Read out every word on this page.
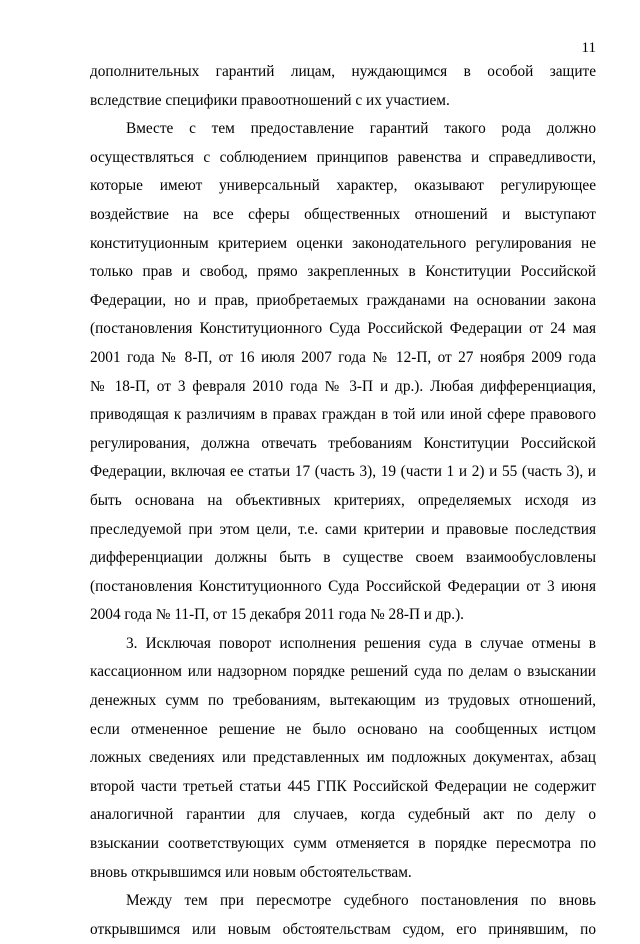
11
дополнительных гарантий лицам, нуждающимся в особой защите
вследствие специфики правоотношений с их участием.
Вместе с тем предоставление гарантий такого рода должно
осуществляться с соблюдением принципов равенства и справедливости,
которые имеют универсальный характер, оказывают регулирующее
воздействие на все сферы общественных отношений и выступают
конституционным критерием оценки законодательного регулирования не
только прав и свобод, прямо закрепленных в Конституции Российской
Федерации, но и прав, приобретаемых гражданами на основании закона
(постановления Конституционного Суда Российской Федерации от 24 мая
2001 года № 8-П, от 16 июля 2007 года № 12-П, от 27 ноября 2009 года
№ 18-П, от 3 февраля 2010 года № 3-П и др.). Любая дифференциация,
приводящая к различиям в правах граждан в той или иной сфере правового
регулирования, должна отвечать требованиям Конституции Российской
Федерации, включая ее статьи 17 (часть 3), 19 (части 1 и 2) и 55 (часть 3), и
быть основана на объективных критериях, определяемых исходя из
преследуемой при этом цели, т.е. сами критерии и правовые последствия
дифференциации должны быть в существе своем взаимообусловлены
(постановления Конституционного Суда Российской Федерации от 3 июня
2004 года № 11-П, от 15 декабря 2011 года № 28-П и др.).
3. Исключая поворот исполнения решения суда в случае отмены в
кассационном или надзорном порядке решений суда по делам о взыскании
денежных сумм по требованиям, вытекающим из трудовых отношений,
если отмененное решение не было основано на сообщенных истцом
ложных сведениях или представленных им подложных документах, абзац
второй части третьей статьи 445 ГПК Российской Федерации не содержит
аналогичной гарантии для случаев, когда судебный акт по делу о
взыскании соответствующих сумм отменяется в порядке пересмотра по
вновь открывшимся или новым обстоятельствам.
Между тем при пересмотре судебного постановления по вновь
открывшимся или новым обстоятельствам судом, его принявшим, по
